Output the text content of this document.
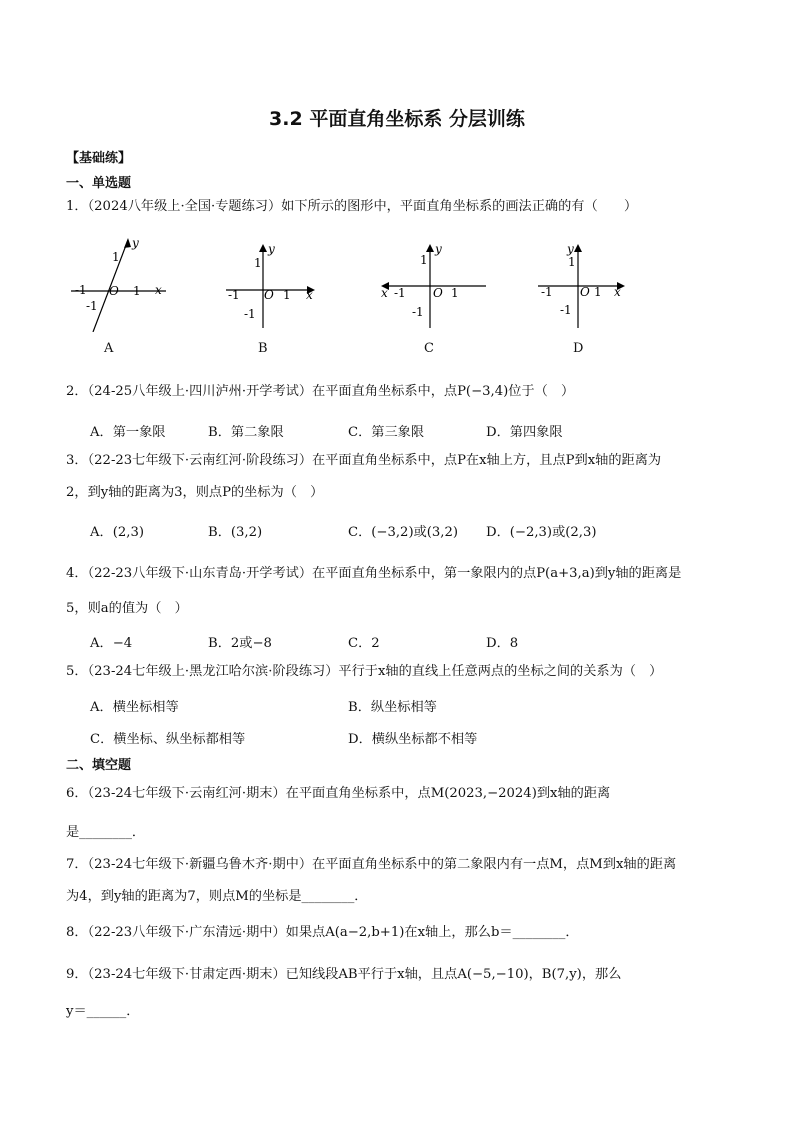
3.2 平面直角坐标系 分层训练
【基础练】
一、单选题
1．（2024八年级上·全国·专题练习）如下所示的图形中，平面直角坐标系的画法正确的有（　　）
y
1
-1 O 1 x
-1
A
y
1
-1 O 1 x
-1
B
y
1
x -1 O 1
-1
C
y
1
-1 O 1 x
-1
D
2．（24-25八年级上·四川泸州·开学考试）在平面直角坐标系中，点P(−3,4)位于（　）
A．第一象限	B．第二象限	C．第三象限	D．第四象限
3．（22-23七年级下·云南红河·阶段练习）在平面直角坐标系中，点P在x轴上方，且点P到x轴的距离为
2，到y轴的距离为3，则点P的坐标为（　）
A．(2,3)	B．(3,2)	C．(−3,2)或(3,2) D．(−2,3)或(2,3)
4．（22-23八年级下·山东青岛·开学考试）在平面直角坐标系中，第一象限内的点P(a+3,a)到y轴的距离是
5，则a的值为（　）
A．−4	B．2或−8	C．2	D．8
5．（23-24七年级上·黑龙江哈尔滨·阶段练习）平行于x轴的直线上任意两点的坐标之间的关系为（　）
A．横坐标相等	B．纵坐标相等
C．横坐标、纵坐标都相等	D．横纵坐标都不相等
二、填空题
6．（23-24七年级下·云南红河·期末）在平面直角坐标系中，点M(2023,−2024)到x轴的距离
是________．
7．（23-24七年级下·新疆乌鲁木齐·期中）在平面直角坐标系中的第二象限内有一点M，点M到x轴的距离
为4，到y轴的距离为7，则点M的坐标是________．
8．（22-23八年级下·广东清远·期中）如果点A(a−2,b+1)在x轴上，那么b＝________．
9．（23-24七年级下·甘肃定西·期末）已知线段AB平行于x轴，且点A(−5,−10)，B(7,y)，那么
y＝______．
